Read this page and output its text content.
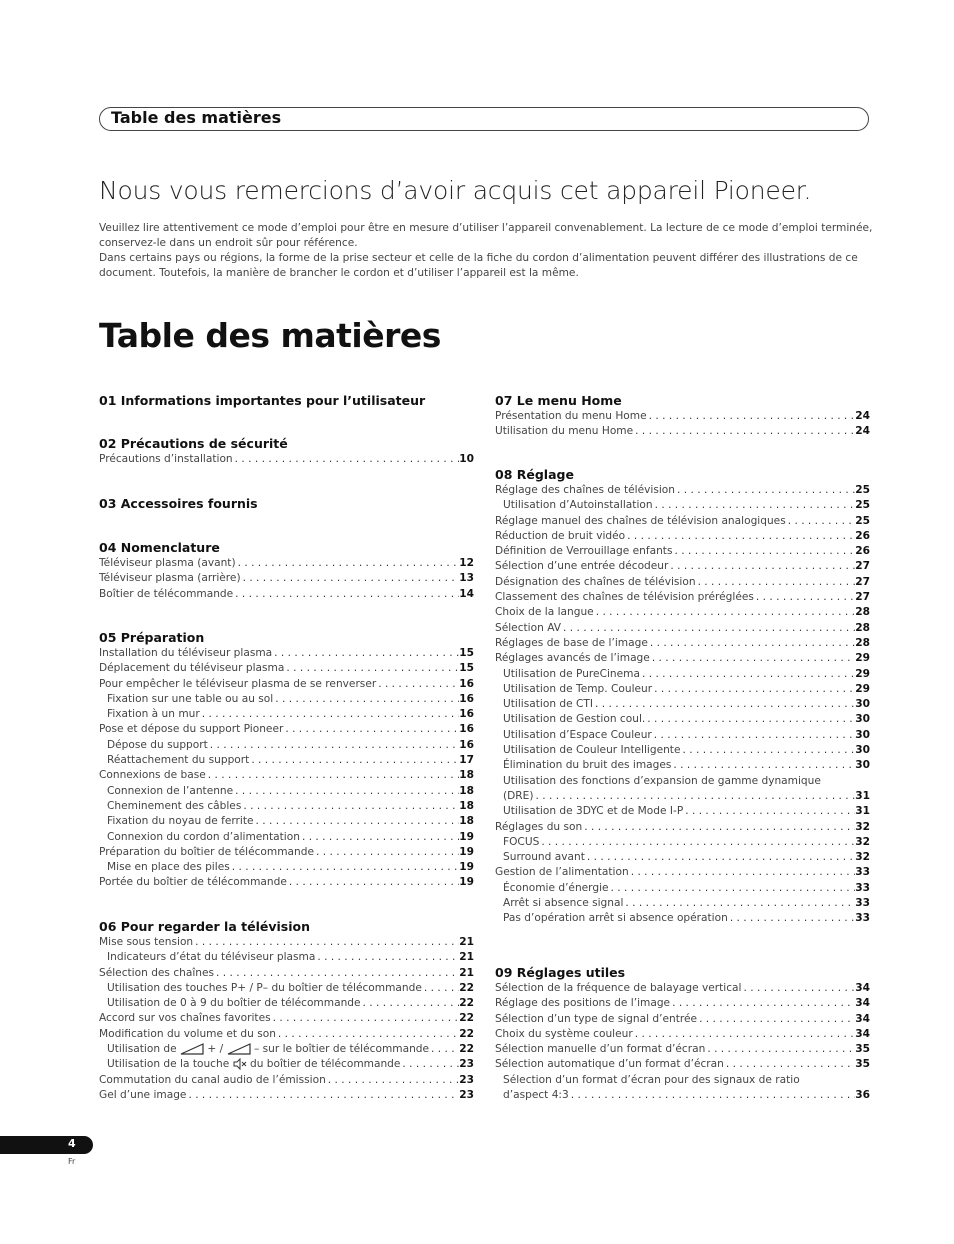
Table des matières
Nous vous remercions d’avoir acquis cet appareil Pioneer.

Veuillez lire attentivement ce mode d’emploi pour être en mesure d’utiliser l’appareil convenablement. La lecture de ce mode d’emploi terminée, conservez-le dans un endroit sûr pour référence.

Dans certains pays ou régions, la forme de la prise secteur et celle de la fiche du cordon d’alimentation peuvent différer des illustrations de ce document. Toutefois, la manière de brancher le cordon et d’utiliser l’appareil est la même.

Table des matières
01 Informations importantes pour l’utilisateur
02 Précautions de sécurité
Précautions d’installation . . .	10
03 Accessoires fournis
04 Nomenclature
Téléviseur plasma (avant) . . .	12
Téléviseur plasma (arrière) . . .	13
Boîtier de télécommande . . .	14
05 Préparation
Installation du téléviseur plasma . . .	15
Déplacement du téléviseur plasma . . .	15
Pour empêcher le téléviseur plasma de se renverser . . .	16
Fixation sur une table ou au sol . . .	16
Fixation à un mur . . .	16
Pose et dépose du support Pioneer . . .	16
Dépose du support . . .	16
Réattachement du support . . .	17
Connexions de base . . .	18
Connexion de l’antenne . . .	18
Cheminement des câbles . . .	18
Fixation du noyau de ferrite . . .	18
Connexion du cordon d’alimentation . . .	19
Préparation du boîtier de télécommande . . .	19
Mise en place des piles . . .	19
Portée du boîtier de télécommande . . .	19
06 Pour regarder la télévision
Mise sous tension . . .	21
Indicateurs d’état du téléviseur plasma . . .	21
Sélection des chaînes . . .	21
Utilisation des touches P+ / P– du boîtier de télécommande . . .	22
Utilisation de 0 à 9 du boîtier de télécommande . . .	22
Accord sur vos chaînes favorites . . .	22
Modification du volume et du son . . .	22
Utilisation de	+ /  – sur le boîtier de télécommande . . .	22
Utilisation de la touche  du boîtier de télécommande . . .	23
Commutation du canal audio de l’émission . . .	23
Gel d’une image . . .	23
07 Le menu Home
Présentation du menu Home . . .	24
Utilisation du menu Home . . .	24
08 Réglage
Réglage des chaînes de télévision . . .	25
Utilisation d’Autoinstallation . . .	25
Réglage manuel des chaînes de télévision analogiques . . .	25
Réduction de bruit vidéo . . .	26
Définition de Verrouillage enfants . . .	26
Sélection d’une entrée décodeur . . .	27
Désignation des chaînes de télévision . . .	27
Classement des chaînes de télévision préréglées . . .	27
Choix de la langue . . .	28
Sélection AV . . .	28
Réglages de base de l’image . . .	28
Réglages avancés de l’image . . .	29
Utilisation de PureCinema . . .	29
Utilisation de Temp. Couleur . . .	29
Utilisation de CTI . . .	30
Utilisation de Gestion coul. . . .	30
Utilisation d’Espace Couleur . . .	30
Utilisation de Couleur Intelligente . . .	30
Élimination du bruit des images . . .	30
Utilisation des fonctions d’expansion de gamme dynamique
(DRE) . . .	31
Utilisation de 3DYC et de Mode I-P . . .	31
Réglages du son . . .	32
FOCUS . . .	32
Surround avant . . .	32
Gestion de l’alimentation . . .	33
Économie d’énergie . . .	33
Arrêt si absence signal . . .	33
Pas d’opération arrêt si absence opération . . .	33
09 Réglages utiles
Sélection de la fréquence de balayage vertical . . .	34
Réglage des positions de l’image . . .	34
Sélection d’un type de signal d’entrée . . .	34
Choix du système couleur . . .	34
Sélection manuelle d’un format d’écran . . .	35
Sélection automatique d’un format d’écran . . .	35
Sélection d’un format d’écran pour des signaux de ratio
d’aspect 4:3 . . .	36
4
Fr
